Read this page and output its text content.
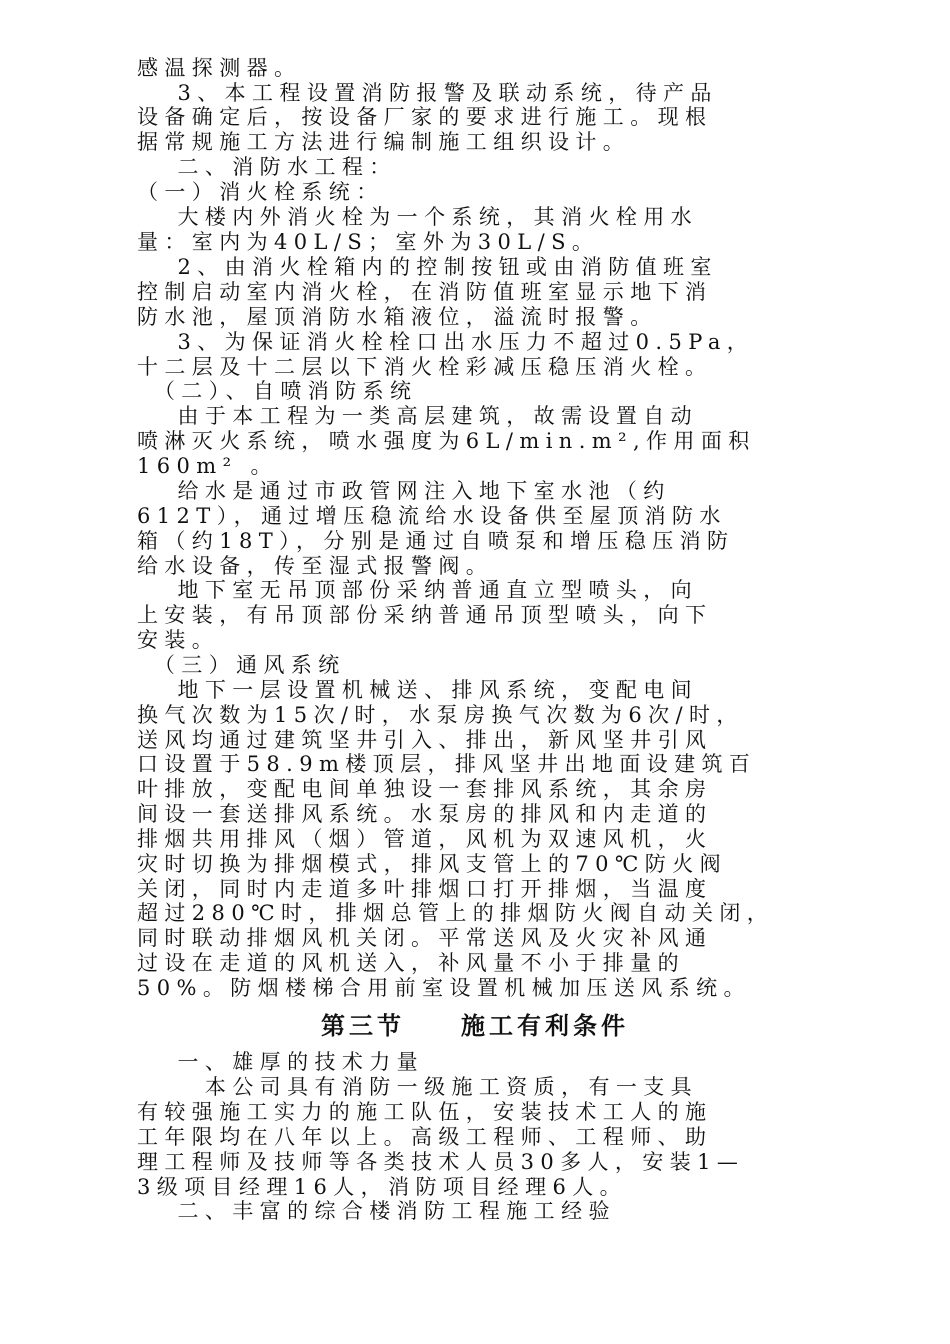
感温探测器。
　 3、本工程设置消防报警及联动系统，待产品
设备确定后，按设备厂家的要求进行施工。现根
据常规施工方法进行编制施工组织设计。
　 二、消防水工程：
（一）消火栓系统：
　 大楼内外消火栓为一个系统，其消火栓用水
量：室内为40L/S；室外为30L/S。
　 2、由消火栓箱内的控制按钮或由消防值班室
控制启动室内消火栓，在消防值班室显示地下消
防水池，屋顶消防水箱液位，溢流时报警。
　 3、为保证消火栓栓口出水压力不超过0.5Pa，
十二层及十二层以下消火栓彩减压稳压消火栓。
　（二）、自喷消防系统
　 由于本工程为一类高层建筑，故需设置自动
喷淋灭火系统，喷水强度为6L/min.m²,作用面积
160m² 。
　 给水是通过市政管网注入地下室水池（约
612T），通过增压稳流给水设备供至屋顶消防水
箱（约18T），分别是通过自喷泵和增压稳压消防
给水设备，传至湿式报警阀。
　 地下室无吊顶部份采纳普通直立型喷头，向
上安装，有吊顶部份采纳普通吊顶型喷头，向下
安装。
　（三）通风系统
　 地下一层设置机械送、排风系统，变配电间
换气次数为15次/时，水泵房换气次数为6次/时，
送风均通过建筑坚井引入、排出，新风坚井引风
口设置于58.9m楼顶层，排风坚井出地面设建筑百
叶排放，变配电间单独设一套排风系统，其余房
间设一套送排风系统。水泵房的排风和内走道的
排烟共用排风（烟）管道，风机为双速风机，火
灾时切换为排烟模式，排风支管上的70℃防火阀
关闭，同时内走道多叶排烟口打开排烟，当温度
超过280℃时，排烟总管上的排烟防火阀自动关闭，
同时联动排烟风机关闭。平常送风及火灾补风通
过设在走道的风机送入，补风量不小于排量的
50%。防烟楼梯合用前室设置机械加压送风系统。
第三节　　施工有利条件
　 一、雄厚的技术力量
　　 本公司具有消防一级施工资质，有一支具
有较强施工实力的施工队伍，安装技术工人的施
工年限均在八年以上。高级工程师、工程师、助
理工程师及技师等各类技术人员30多人，安装1—
3级项目经理16人，消防项目经理6人。
　 二、丰富的综合楼消防工程施工经验
